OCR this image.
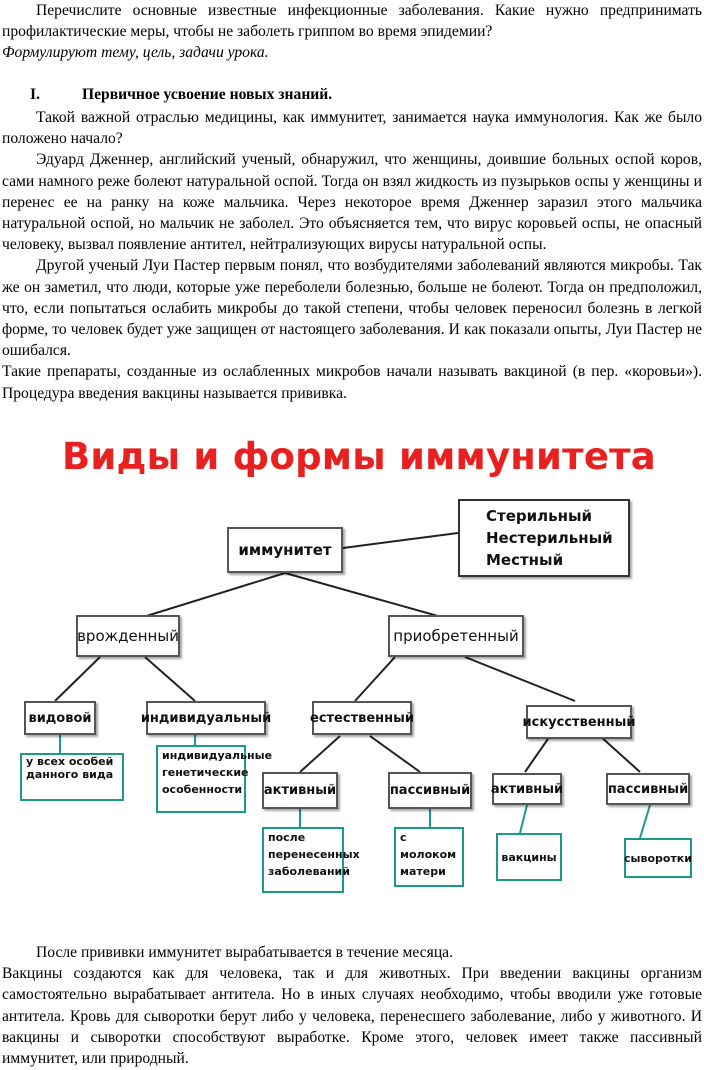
Перечислите основные известные инфекционные заболевания. Какие нужно предпринимать профилактические меры, чтобы не заболеть гриппом во время эпидемии?

Формулируют тему, цель, задачи урока.

I.	Первичное усвоение новых знаний.

Такой важной отраслью медицины, как иммунитет, занимается наука иммунология. Как же было положено начало?

Эдуард Дженнер, английский ученый, обнаружил, что женщины, доившие больных оспой коров, сами намного реже болеют натуральной оспой. Тогда он взял жидкость из пузырьков оспы у женщины и перенес ее на ранку на коже мальчика. Через некоторое время Дженнер заразил этого мальчика натуральной оспой, но мальчик не заболел. Это объясняется тем, что вирус коровьей оспы, не опасный человеку, вызвал появление антител, нейтрализующих вирусы натуральной оспы.

Другой ученый Луи Пастер первым понял, что возбудителями заболеваний являются микробы. Так же он заметил, что люди, которые уже переболели болезнью, больше не болеют. Тогда он предположил, что, если попытаться ослабить микробы до такой степени, чтобы человек переносил болезнь в легкой форме, то человек будет уже защищен от настоящего заболевания. И как показали опыты, Луи Пастер не ошибался.

Такие препараты, созданные из ослабленных микробов начали называть вакциной (в пер. «коровьи»). Процедура введения вакцины называется прививка.

Виды и формы иммунитета
иммунитет
Стерильный
Нестерильный
Местный
врожденный	приобретенный
видовой	индивидуальный	естественный	искусственный
у всех особей
данного вида
индивидуальные
генетические
особенности активный	пассивный активный	пассивный
после
перенесенных
заболеваний
с молоком
матери
вакцины	сыворотки

После прививки иммунитет вырабатывается в течение месяца.

Вакцины создаются как для человека, так и для животных. При введении вакцины организм самостоятельно вырабатывает антитела. Но в иных случаях необходимо, чтобы вводили уже готовые антитела. Кровь для сыворотки берут либо у человека, перенесшего заболевание, либо у животного. И вакцины и сыворотки способствуют выработке. Кроме этого, человек имеет также пассивный иммунитет, или природный.
